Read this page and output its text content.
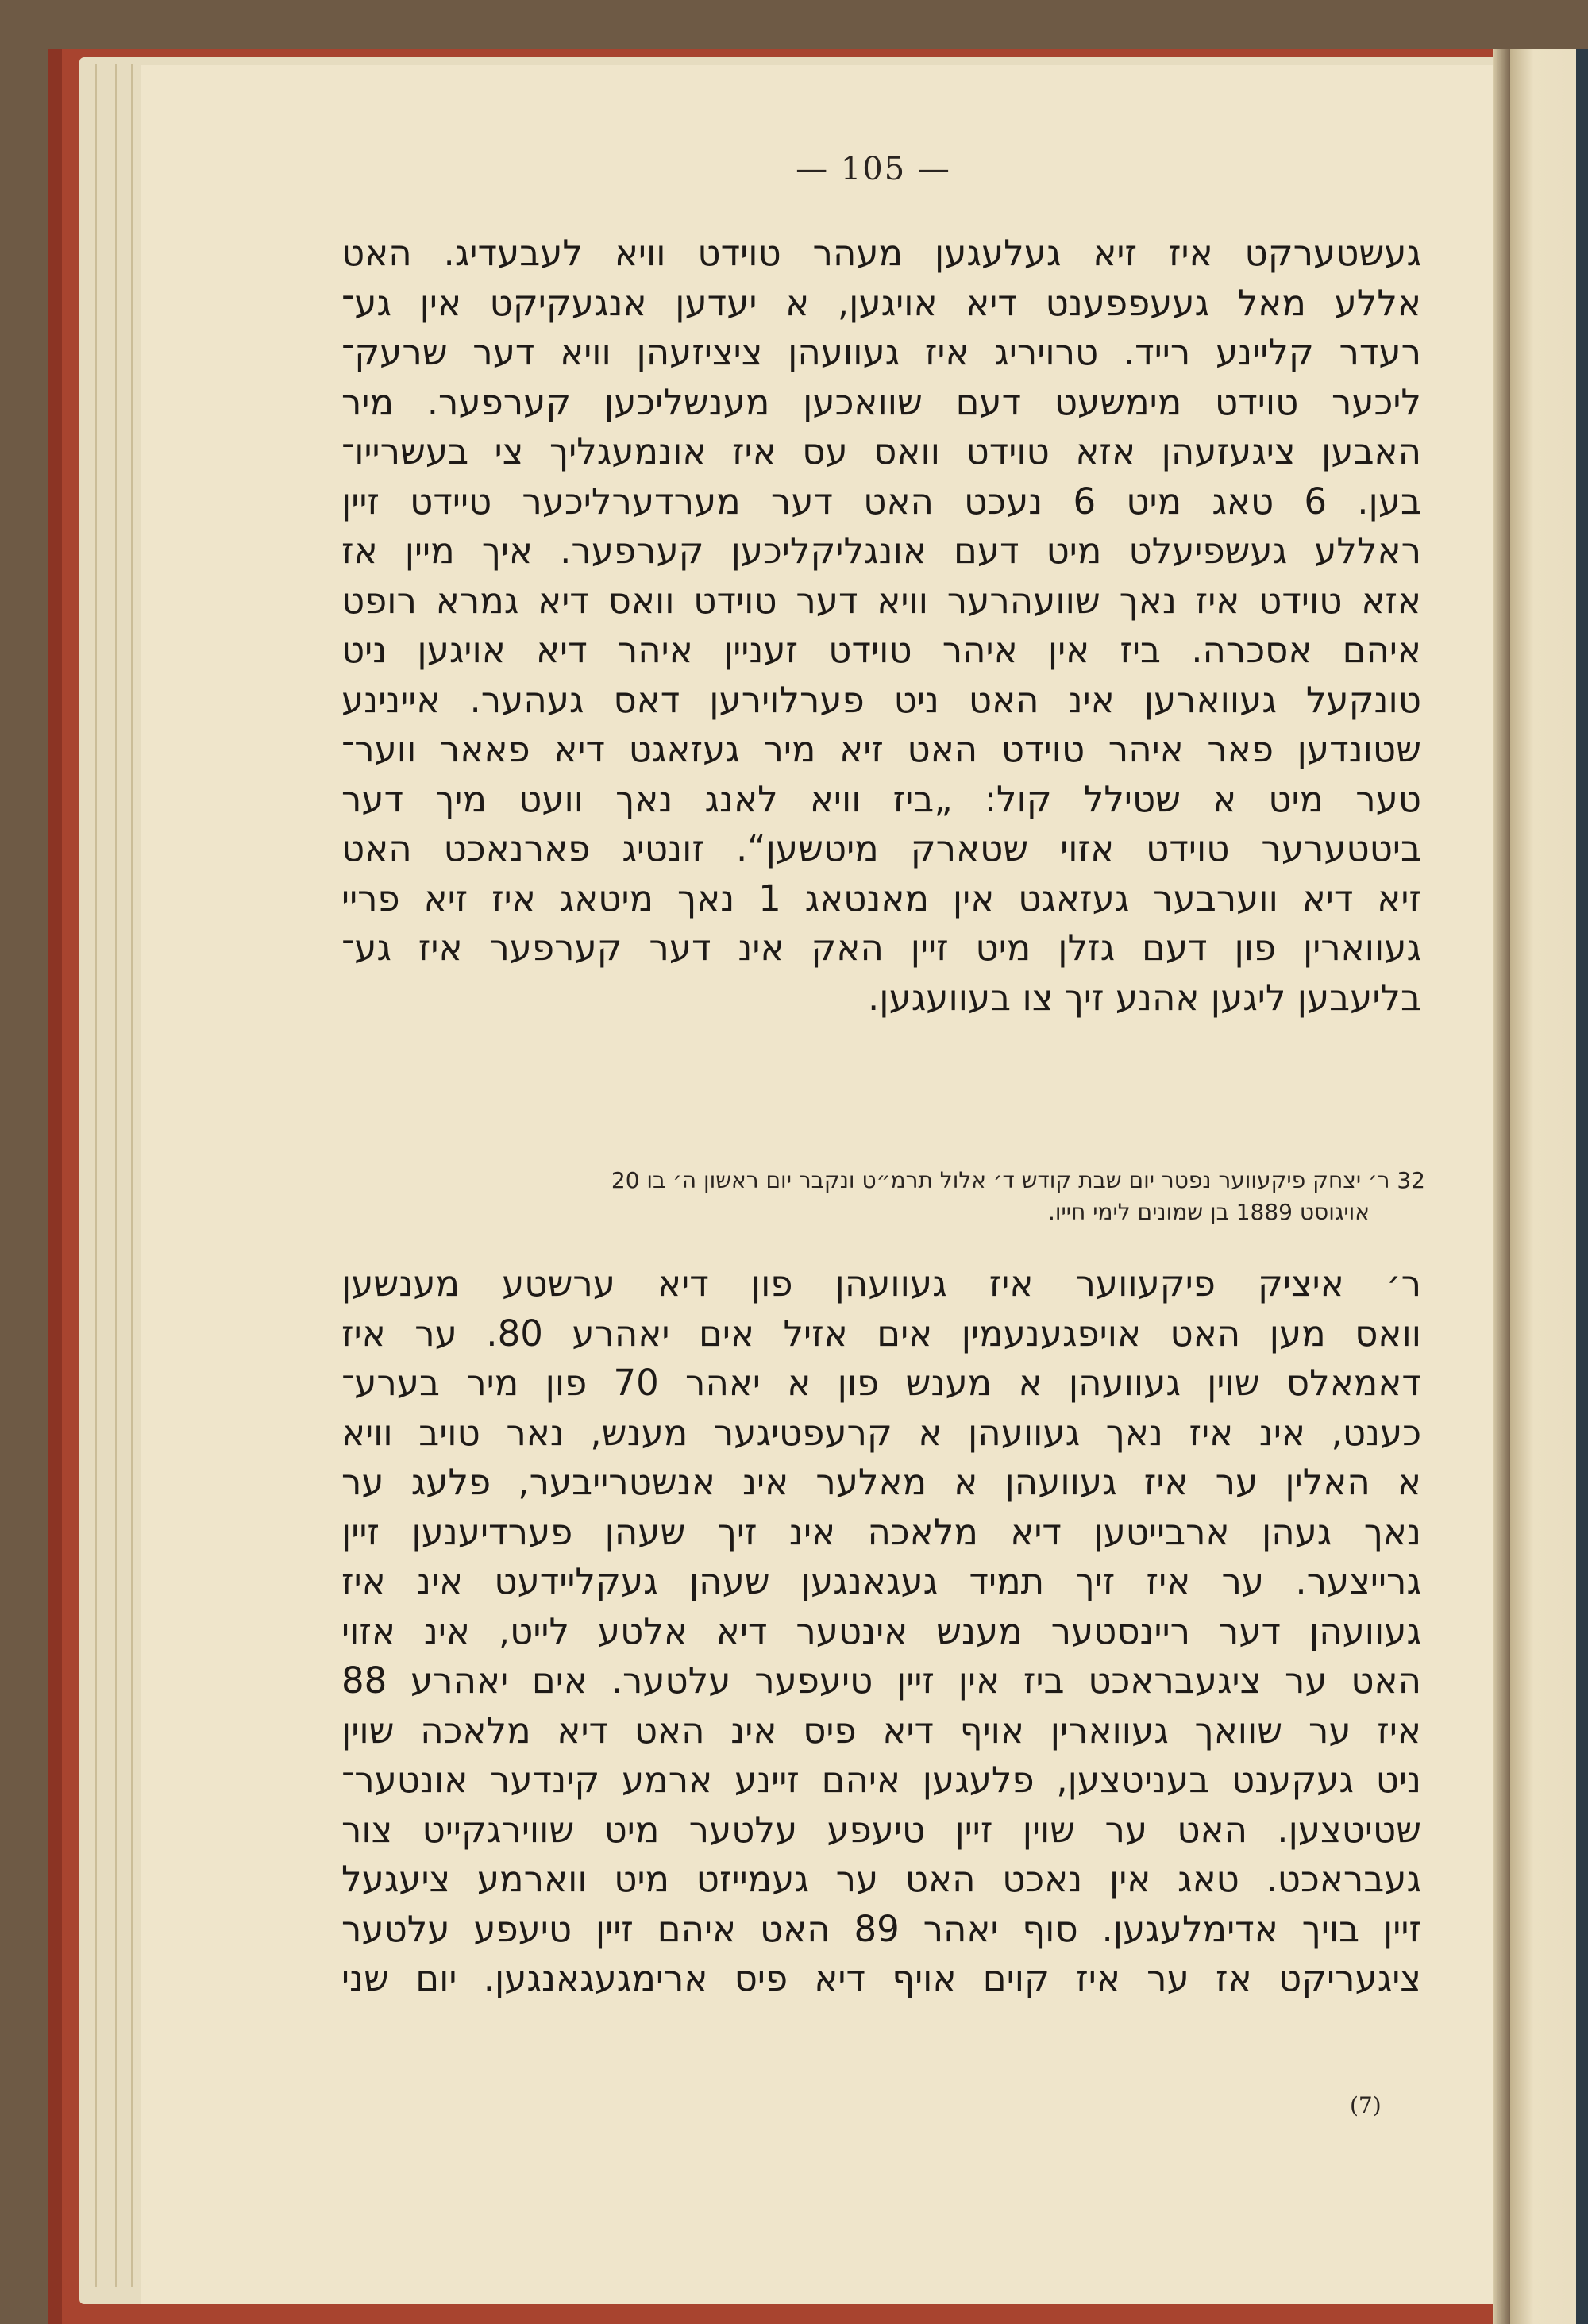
— 105 —
געשטערקט איז זיא געלעגען מעהר טוידט וויא לעבעדיג. האט
אללע מאל געעפפענט דיא אויגען, א יעדען אנגעקיקט אין גע־
רעדר קליינע רייד. טרויריג איז געוועהן ציציזעהן וויא דער שרעק־
ליכער טוידט מימשעט דעם שוואכען מענשליכען קערפער. מיר
האבען ציגעזעהן אזא טוידט וואס עס איז אונמעגליך צי בעשרייו־
בען. 6 טאג מיט 6 נעכט האט דער מערדערליכער טיידט זיין
ראללע געשפיעלט מיט דעם אונגליקליכען קערפער. איך מיין אז
אזא טוידט איז נאך שוועהרער וויא דער טוידט וואס דיא גמרא רופט
איהם אסכרה. ביז אין איהר טוידט זעניין איהר דיא אויגען ניט
טונקעל געווארען אינ האט ניט פערלוירען דאס געהער. איינינע
שטונדען פאר איהר טוידט האט זיא מיר געזאגט דיא פאאר ווער־
טער מיט א שטילל קול: „ביז וויא לאנג נאך וועט מיך דער
ביטטערער טוידט אזוי שטארק מיטשען“. זונטיג פארנאכט האט
זיא דיא ווערבער געזאגט אין מאנטאג 1 נאך מיטאג איז זיא פריי
געווארין פון דעם גזלן מיט זיין האק אינ דער קערפער איז גע־
בליעבען ליגען אהנע זיך צו בעוועגען.
32 ר׳ יצחק פיקעווער נפטר יום שבת קודש ד׳ אלול תרמ״ט ונקבר יום ראשון ה׳ בו 20
אויגוסט 1889 בן שמונים לימי חייו.
ר׳ איציק פיקעווער איז געוועהן פון דיא ערשטע מענשען
וואס מען האט אויפגענעמין אים אזיל אים יאהרע 80. ער איז
דאמאלס שוין געוועהן א מענש פון א יאהר 70 פון מיר בערע־
כענט, אינ איז נאך געוועהן א קרעפטיגער מענש, נאר טויב וויא
א האלין ער איז געוועהן א מאלער אינ אנשטרייבער, פלעג ער
נאך געהן ארבייטען דיא מלאכה אינ זיך שעהן פערדיענען זיין
גרייצער. ער איז זיך תמיד געגאנגען שעהן געקליידעט אינ איז
געוועהן דער ריינסטער מענש אינטער דיא אלטע לייט, אינ אזוי
האט ער ציגעבראכט ביז אין זיין טיעפער עלטער. אים יאהרע 88
איז ער שוואך געווארין אויף דיא פיס אינ האט דיא מלאכה שוין
ניט געקענט בעניטצען, פלעגען איהם זיינע ארמע קינדער אונטער־
שטיטצען. האט ער שוין זיין טיעפע עלטער מיט שווירגקייט צור
געבראכט. טאג אין נאכט האט ער געמייזט מיט ווארמע ציעגעל
זיין בויך אדימלעגען. סוף יאהר 89 האט איהם זיין טיעפע עלטער
ציגעריקט אז ער איז קוים אויף דיא פיס ארימגעגאנגען. יום שני
(7)
